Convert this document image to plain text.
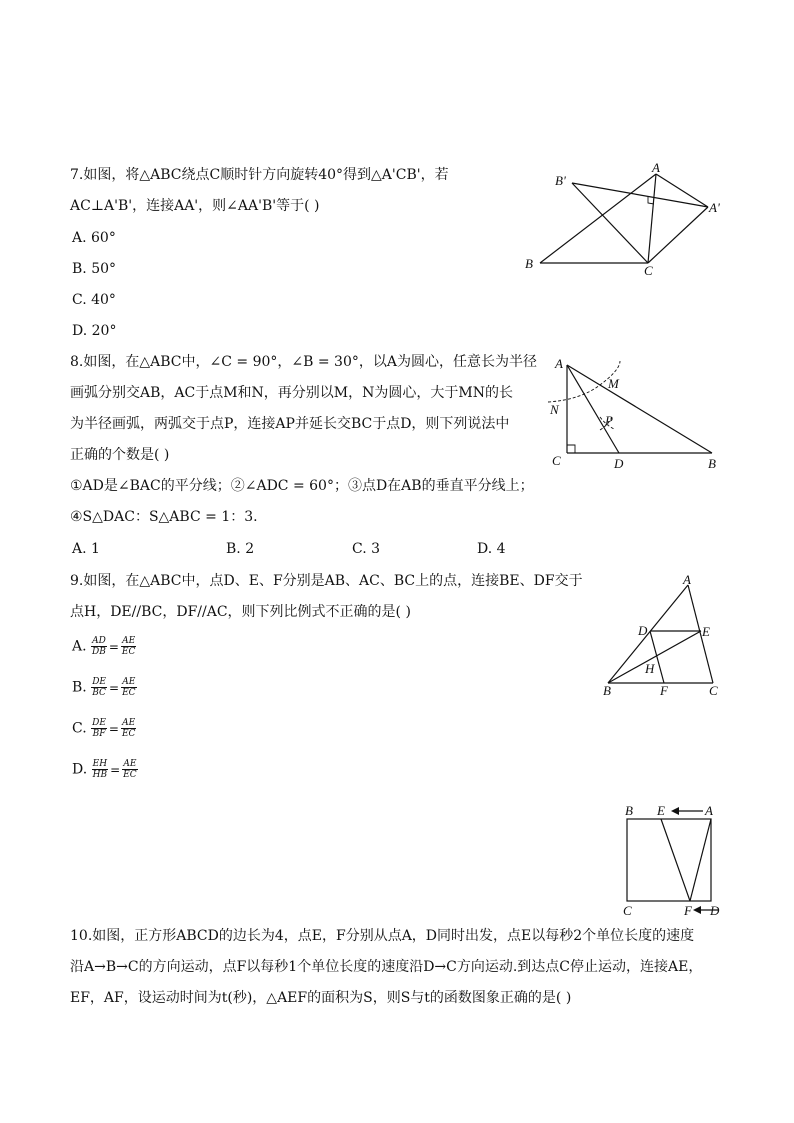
7.如图，将△ABC绕点C顺时针方向旋转40°得到△A'CB'，若
AC⊥A'B'，连接AA'，则∠AA'B'等于( )
A. 60°
B. 50°
C. 40°
D. 20°
B'
A
A'
B	C
8.如图，在△ABC中，∠C = 90°，∠B = 30°，以A为圆心，任意长为半径
画弧分别交AB，AC于点M和N，再分别以M，N为圆心，大于MN的长
为半径画弧，两弧交于点P，连接AP并延长交BC于点D，则下列说法中
正确的个数是( )
①AD是∠BAC的平分线；②∠ADC = 60°；③点D在AB的垂直平分线上；
④S△DAC：S△ABC = 1：3.
A. 1	B. 2	C. 3	D. 4
M
N
P
A
C	D	B
9.如图，在△ABC中，点D、E、F分别是AB、AC、BC上的点，连接BE、DF交于
点H，DE//BC，DF//AC，则下列比例式不正确的是( )
A. $\frac{AD}{DB} = \frac{AE}{EC}$
B. $\frac{DE}{BC} = \frac{AE}{EC}$
C. $\frac{DE}{BF} = \frac{AE}{EC}$
D. $\frac{EH}{HB} = \frac{AE}{EC}$
A
D	E
H
B	F	C
B E	A
C	F D
10.如图，正方形ABCD的边长为4，点E，F分别从点A，D同时出发，点E以每秒2个单位长度的速度
沿A→B→C的方向运动，点F以每秒1个单位长度的速度沿D→C方向运动.到达点C停止运动，连接AE，
EF，AF，设运动时间为t(秒)，△AEF的面积为S，则S与t的函数图象正确的是( )
